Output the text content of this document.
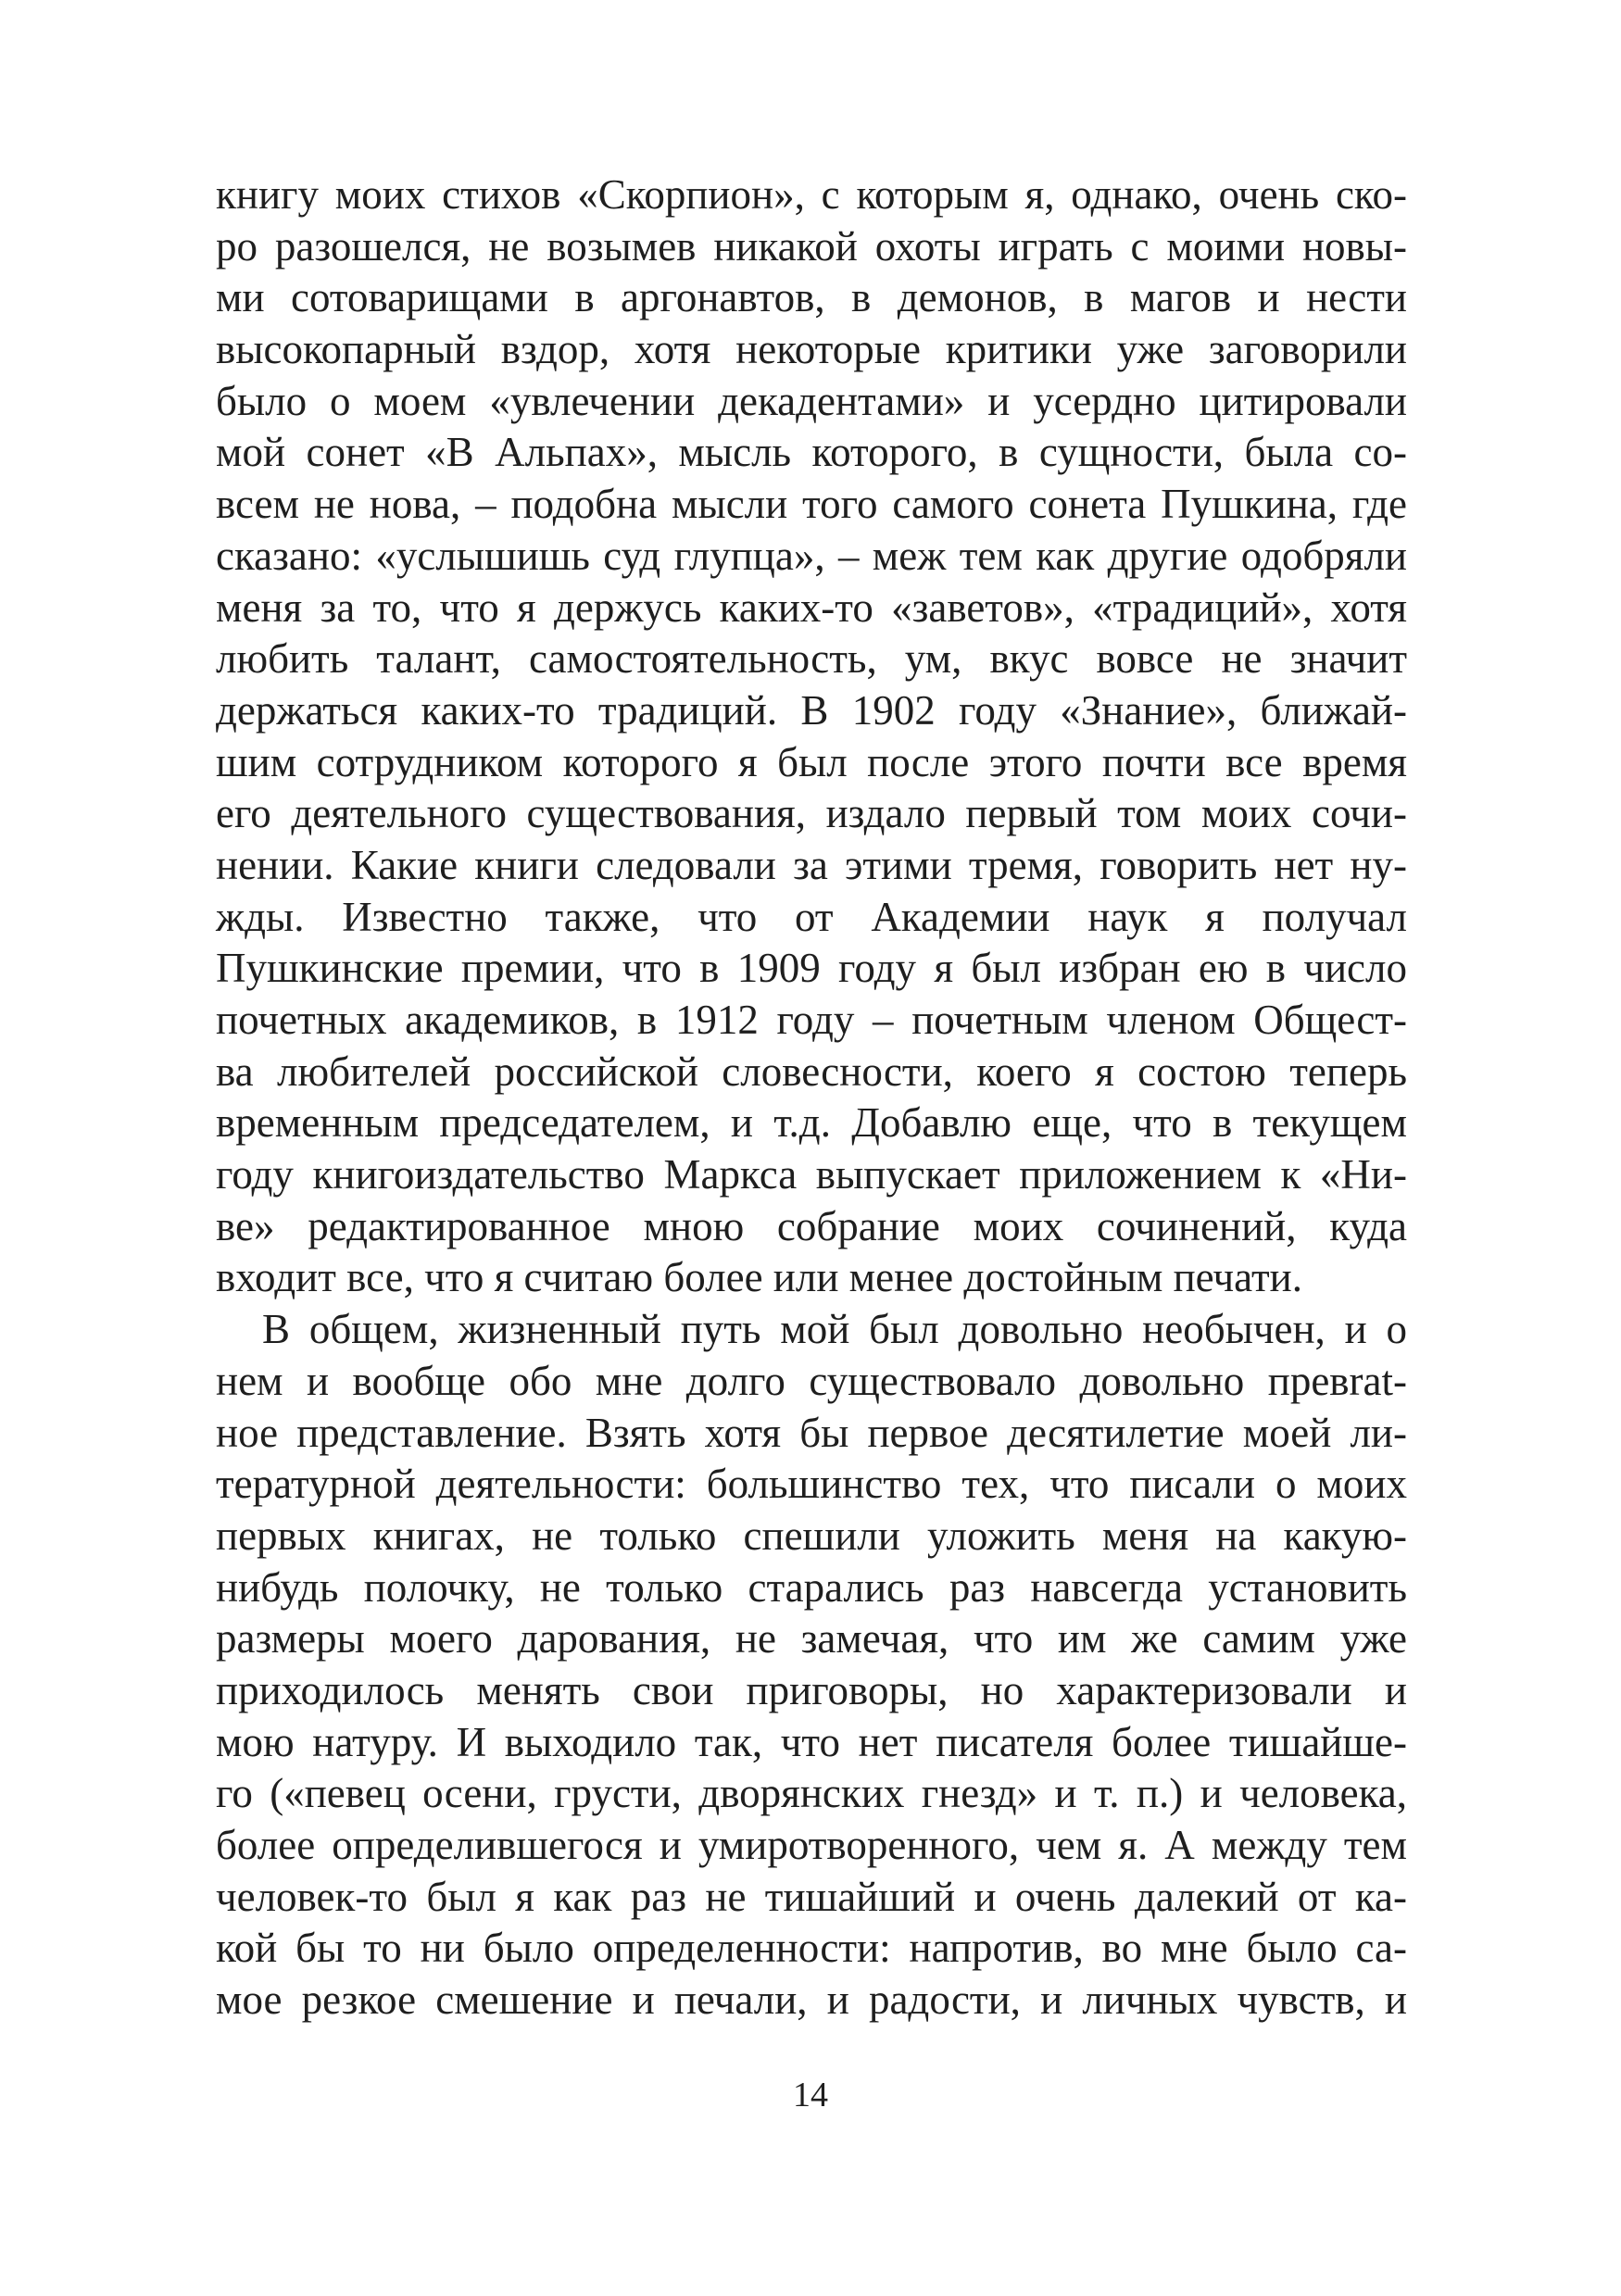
книгу моих стихов «Скорпион», с которым я, однако, очень ско-
ро разошелся, не возымев никакой охоты играть с моими новы-
ми сотоварищами в аргонавтов, в демонов, в магов и нести
высокопарный вздор, хотя некоторые критики уже заговорили
было о моем «увлечении декадентами» и усердно цитировали
мой сонет «В Альпах», мысль которого, в сущности, была со-
всем не нова, – подобна мысли того самого сонета Пушкина, где
сказано: «услышишь суд глупца», – меж тем как другие одобряли
меня за то, что я держусь каких-то «заветов», «традиций», хотя
любить талант, самостоятельность, ум, вкус вовсе не значит
держаться каких-то традиций. В 1902 году «Знание», ближай-
шим сотрудником которого я был после этого почти все время
его деятельного существования, издало первый том моих сочи-
нении. Какие книги следовали за этими тремя, говорить нет ну-
жды. Известно также, что от Академии наук я получал
Пушкинские премии, что в 1909 году я был избран ею в число
почетных академиков, в 1912 году – почетным членом Общест-
ва любителей российской словесности, коего я состою теперь
временным председателем, и т.д. Добавлю еще, что в текущем
году книгоиздательство Маркса выпускает приложением к «Ни-
ве» редактированное мною собрание моих сочинений, куда
входит все, что я считаю более или менее достойным печати.
В общем, жизненный путь мой был довольно необычен, и о
нем и вообще обо мне долго существовало довольно превrat-
ное представление. Взять хотя бы первое десятилетие моей ли-
тературной деятельности: большинство тех, что писали о моих
первых книгах, не только спешили уложить меня на какую-
нибудь полочку, не только старались раз навсегда установить
размеры моего дарования, не замечая, что им же самим уже
приходилось менять свои приговоры, но характеризовали и
мою натуру. И выходило так, что нет писателя более тишайше-
го («певец осени, грусти, дворянских гнезд» и т. п.) и человека,
более определившегося и умиротворенного, чем я. А между тем
человек-то был я как раз не тишайший и очень далекий от ка-
кой бы то ни было определенности: напротив, во мне было са-
мое резкое смешение и печали, и радости, и личных чувств, и
14
